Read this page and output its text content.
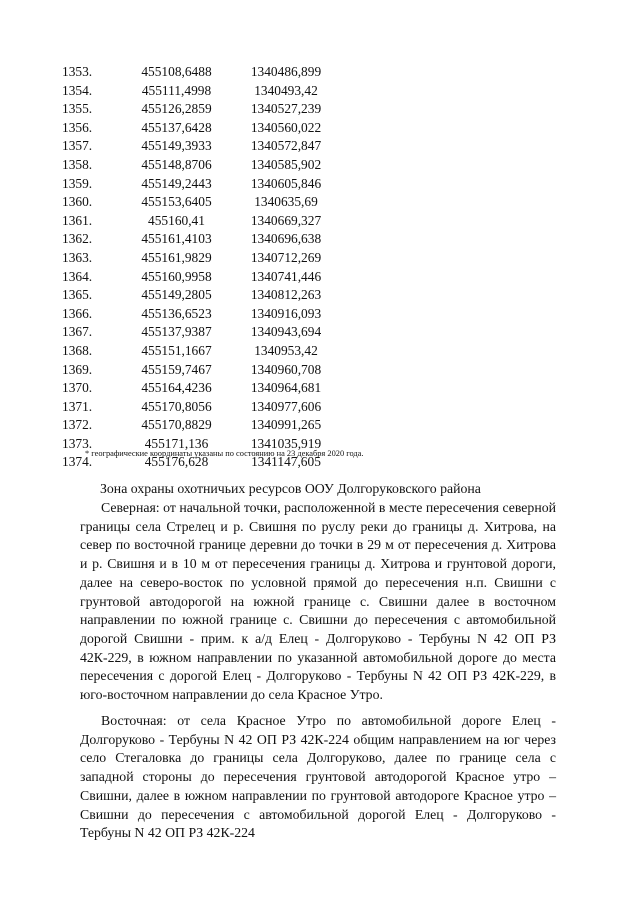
1353.	455108,6488	1340486,899
1354.	455111,4998	1340493,42
1355.	455126,2859	1340527,239
1356.	455137,6428	1340560,022
1357.	455149,3933	1340572,847
1358.	455148,8706	1340585,902
1359.	455149,2443	1340605,846
1360.	455153,6405	1340635,69
1361.	455160,41	1340669,327
1362.	455161,4103	1340696,638
1363.	455161,9829	1340712,269
1364.	455160,9958	1340741,446
1365.	455149,2805	1340812,263
1366.	455136,6523	1340916,093
1367.	455137,9387	1340943,694
1368.	455151,1667	1340953,42
1369.	455159,7467	1340960,708
1370.	455164,4236	1340964,681
1371.	455170,8056	1340977,606
1372.	455170,8829	1340991,265
1373.	455171,136	1341035,919
1374.	455176,628	1341147,605
* географические координаты указаны по состоянию на 23 декабря 2020 года.
Зона охраны охотничьих ресурсов ООУ Долгоруковского района

Северная: от начальной точки, расположенной в месте пересечения северной границы села Стрелец и р. Свишня по руслу реки до границы д. Хитрова, на север по восточной границе деревни до точки в 29 м от пересечения д. Хитрова и р. Свишня и в 10 м от пересечения границы д. Хитрова и грунтовой дороги, далее на северо-восток по условной прямой до пересечения н.п. Свишни с грунтовой автодорогой на южной границе с. Свишни далее в восточном направлении по южной границе с. Свишни до пересечения с автомобильной дорогой Свишни - прим. к а/д Елец - Долгоруково - Тербуны N 42 ОП РЗ 42К-229, в южном направлении по указанной автомобильной дороге до места пересечения с дорогой Елец - Долгоруково - Тербуны N 42 ОП РЗ 42К-229, в юго-восточном направлении до села Красное Утро.

Восточная: от села Красное Утро по автомобильной дороге Елец - Долгоруково - Тербуны N 42 ОП РЗ 42К-224 общим направлением на юг через село Стегаловка до границы села Долгоруково, далее по границе села с западной стороны до пересечения грунтовой автодорогой Красное утро – Свишни, далее в южном направлении по грунтовой автодороге Красное утро – Свишни до пересечения с автомобильной дорогой Елец - Долгоруково - Тербуны N 42 ОП РЗ 42К-224
